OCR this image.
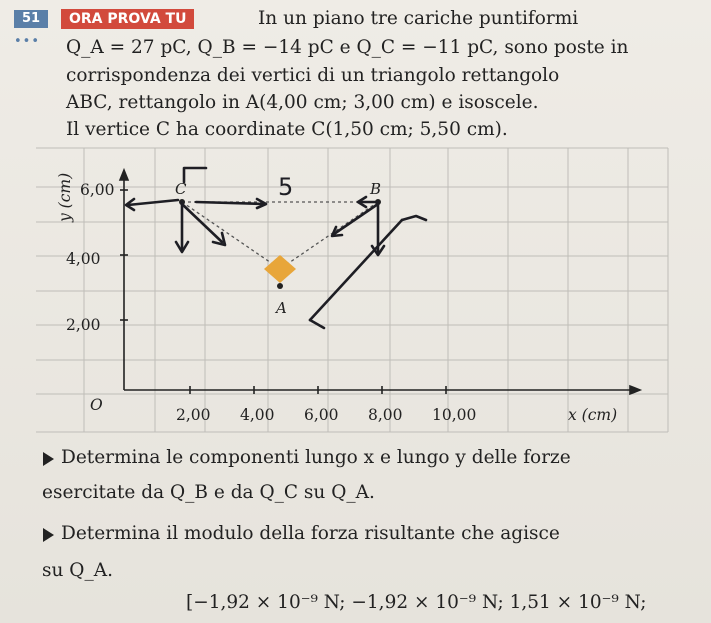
51
•••
ORA PROVA TU	In un piano tre cariche puntiformi
Q_A = 27 pC, Q_B = −14 pC e Q_C = −11 pC, sono poste in
corrispondenza dei vertici di un triangolo rettangolo
ABC, rettangolo in A(4,00 cm; 3,00 cm) e isoscele.
Il vertice C ha coordinate C(1,50 cm; 5,50 cm).
2,00 4,00 6,00 8,00 10,00	x (cm)
O
2,00
4,00
6,00
y (cm)
A
C	B
5
Determina le componenti lungo x e lungo y delle forze
esercitate da Q_B e da Q_C su Q_A.
Determina il modulo della forza risultante che agisce
su Q_A.
[−1,92 × 10⁻⁹ N; −1,92 × 10⁻⁹ N; 1,51 × 10⁻⁹ N;
